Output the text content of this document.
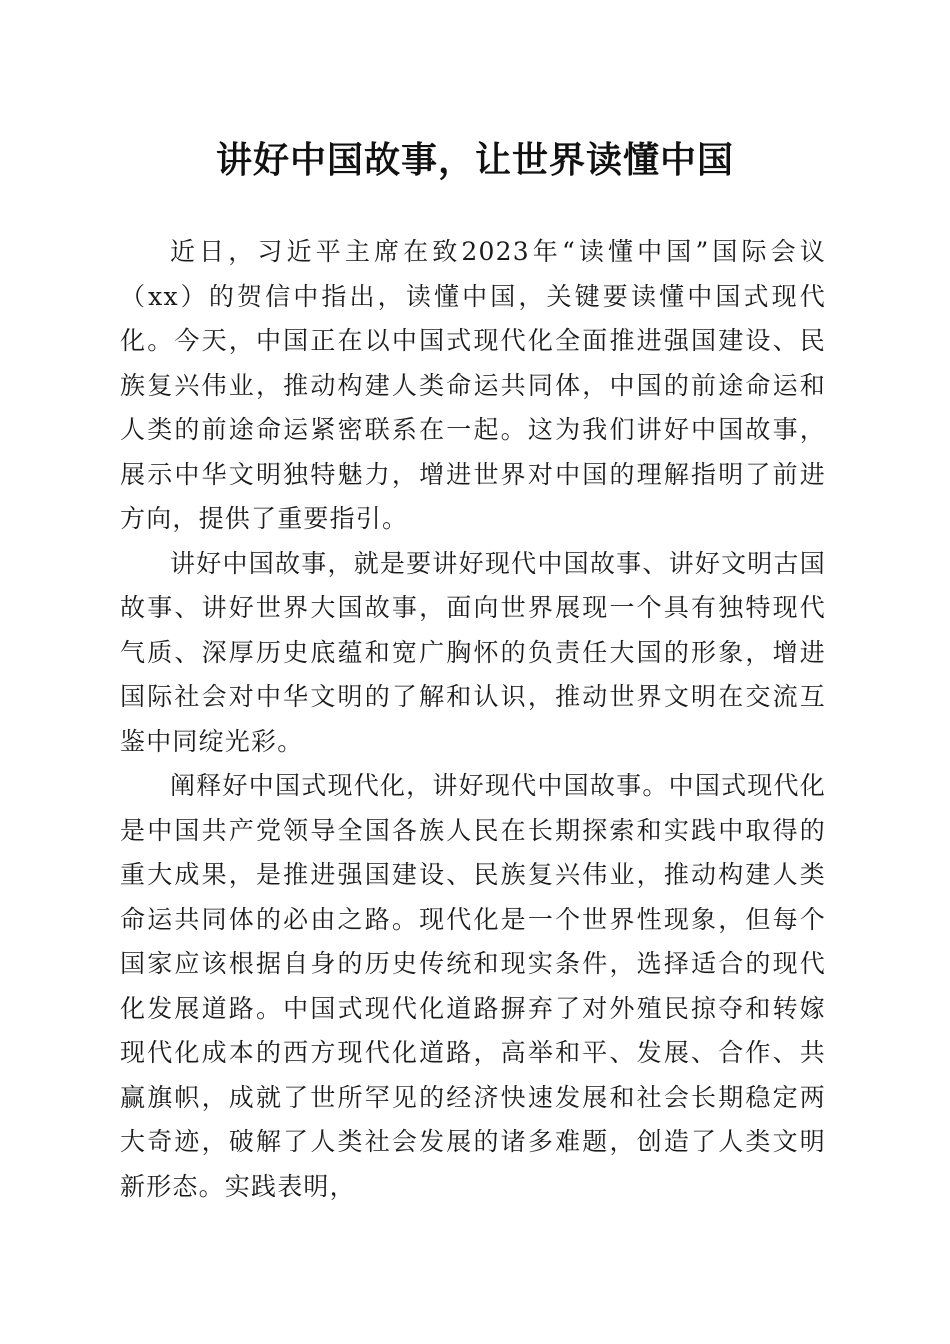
讲好中国故事，让世界读懂中国

近日，习近平主席在致2023年“读懂中国”国际会议（xx）的贺信中指出，读懂中国，关键要读懂中国式现代化。今天，中国正在以中国式现代化全面推进强国建设、民族复兴伟业，推动构建人类命运共同体，中国的前途命运和人类的前途命运紧密联系在一起。这为我们讲好中国故事，展示中华文明独特魅力，增进世界对中国的理解指明了前进方向，提供了重要指引。

讲好中国故事，就是要讲好现代中国故事、讲好文明古国故事、讲好世界大国故事，面向世界展现一个具有独特现代气质、深厚历史底蕴和宽广胸怀的负责任大国的形象，增进国际社会对中华文明的了解和认识，推动世界文明在交流互鉴中同绽光彩。

阐释好中国式现代化，讲好现代中国故事。中国式现代化是中国共产党领导全国各族人民在长期探索和实践中取得的重大成果，是推进强国建设、民族复兴伟业，推动构建人类命运共同体的必由之路。现代化是一个世界性现象，但每个国家应该根据自身的历史传统和现实条件，选择适合的现代化发展道路。中国式现代化道路摒弃了对外殖民掠夺和转嫁现代化成本的西方现代化道路，高举和平、发展、合作、共赢旗帜，成就了世所罕见的经济快速发展和社会长期稳定两大奇迹，破解了人类社会发展的诸多难题，创造了人类文明新形态。实践表明，
